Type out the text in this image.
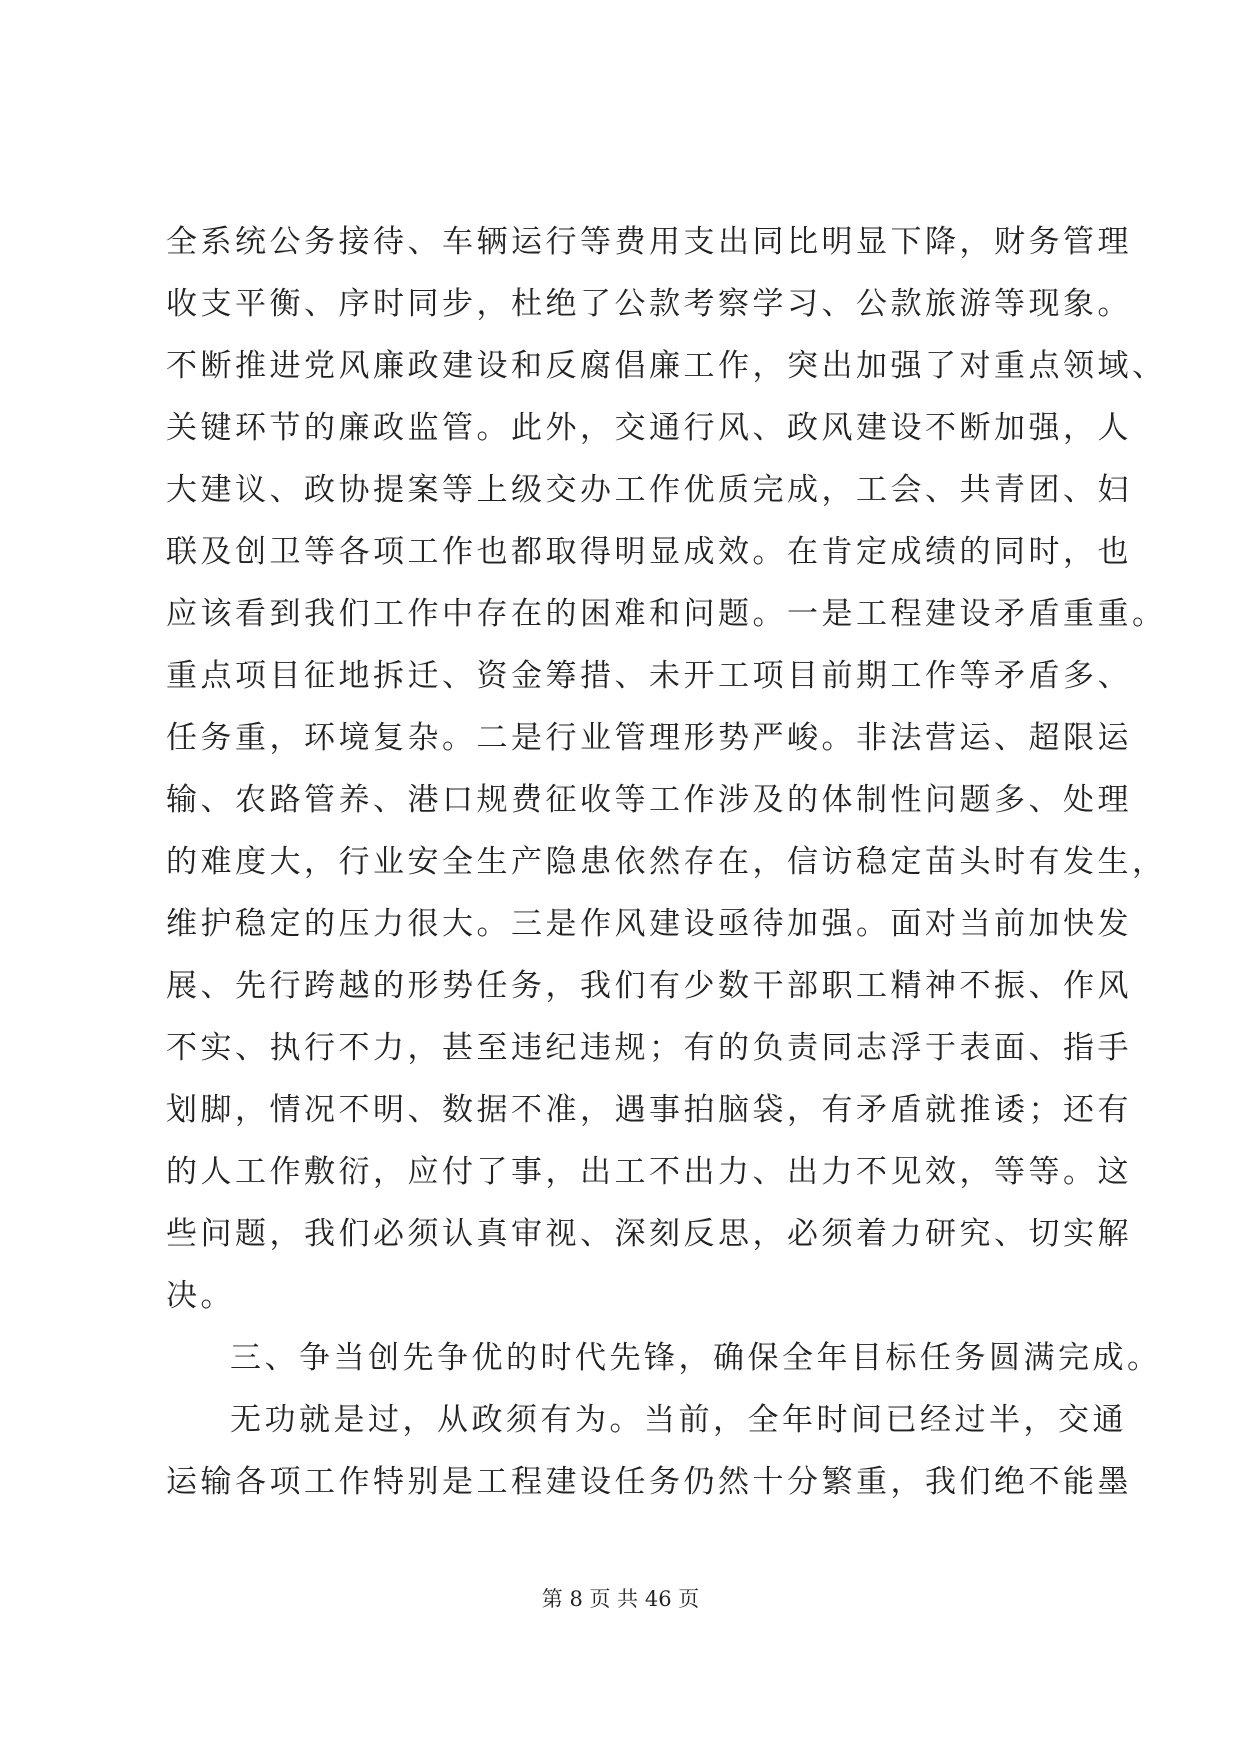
全系统公务接待、车辆运行等费用支出同比明显下降，财务管理
收支平衡、序时同步，杜绝了公款考察学习、公款旅游等现象。
不断推进党风廉政建设和反腐倡廉工作，突出加强了对重点领域、
关键环节的廉政监管。此外，交通行风、政风建设不断加强，人
大建议、政协提案等上级交办工作优质完成，工会、共青团、妇
联及创卫等各项工作也都取得明显成效。在肯定成绩的同时，也
应该看到我们工作中存在的困难和问题。一是工程建设矛盾重重。
重点项目征地拆迁、资金筹措、未开工项目前期工作等矛盾多、
任务重，环境复杂。二是行业管理形势严峻。非法营运、超限运
输、农路管养、港口规费征收等工作涉及的体制性问题多、处理
的难度大，行业安全生产隐患依然存在，信访稳定苗头时有发生，
维护稳定的压力很大。三是作风建设亟待加强。面对当前加快发
展、先行跨越的形势任务，我们有少数干部职工精神不振、作风
不实、执行不力，甚至违纪违规；有的负责同志浮于表面、指手
划脚，情况不明、数据不准，遇事拍脑袋，有矛盾就推诿；还有
的人工作敷衍，应付了事，出工不出力、出力不见效，等等。这
些问题，我们必须认真审视、深刻反思，必须着力研究、切实解
决。
三、争当创先争优的时代先锋，确保全年目标任务圆满完成。
无功就是过，从政须有为。当前，全年时间已经过半，交通
运输各项工作特别是工程建设任务仍然十分繁重，我们绝不能墨
第 8 页 共 46 页
